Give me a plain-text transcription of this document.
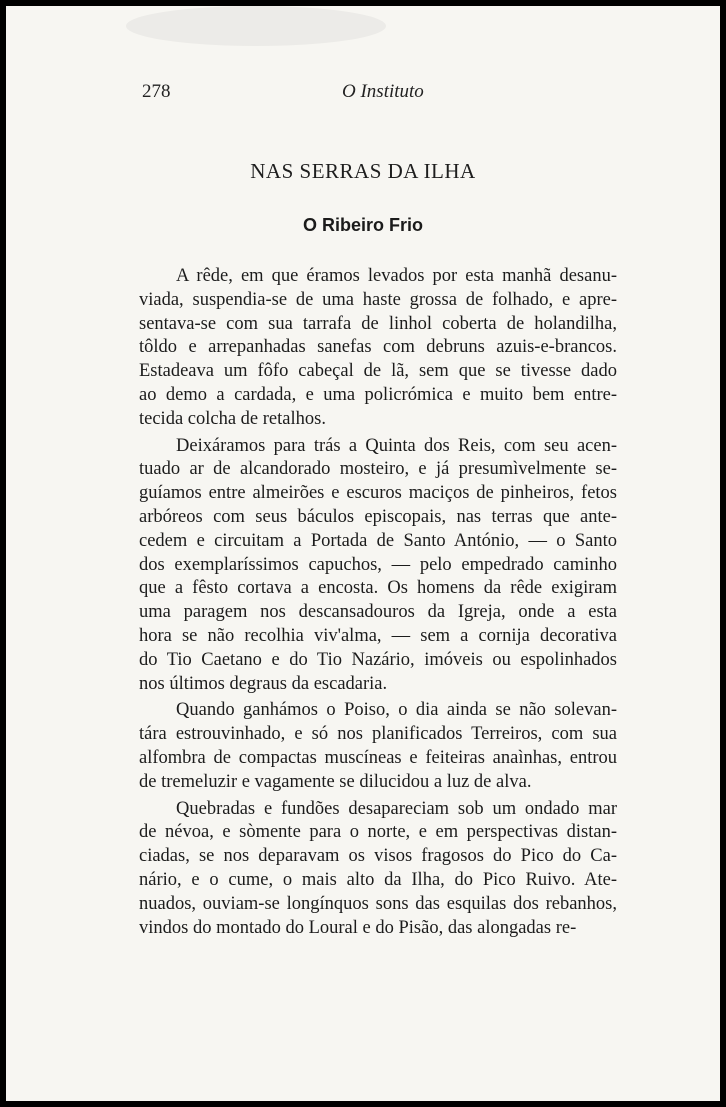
278	O Instituto
NAS SERRAS DA ILHA
O Ribeiro Frio

A rêde, em que éramos levados por esta manhã desanu-
viada, suspendia-se de uma haste grossa de folhado, e apre-
sentava-se com sua tarrafa de linhol coberta de holandilha,
tôldo e arrepanhadas sanefas com debruns azuis-e-brancos.
Estadeava um fôfo cabeçal de lã, sem que se tivesse dado
ao demo a cardada, e uma policrómica e muito bem entre-
tecida colcha de retalhos.

Deixáramos para trás a Quinta dos Reis, com seu acen-
tuado ar de alcandorado mosteiro, e já presumìvelmente se-
guíamos entre almeirões e escuros maciços de pinheiros, fetos
arbóreos com seus báculos episcopais, nas terras que ante-
cedem e circuitam a Portada de Santo António, — o Santo
dos exemplaríssimos capuchos, — pelo empedrado caminho
que a fêsto cortava a encosta. Os homens da rêde exigiram
uma paragem nos descansadouros da Igreja, onde a esta
hora se não recolhia viv'alma, — sem a cornija decorativa
do Tio Caetano e do Tio Nazário, imóveis ou espolinhados
nos últimos degraus da escadaria.

Quando ganhámos o Poiso, o dia ainda se não solevan-
tára estrouvinhado, e só nos planificados Terreiros, com sua
alfombra de compactas muscíneas e feiteiras anaìnhas, entrou
de tremeluzir e vagamente se dilucidou a luz de alva.

Quebradas e fundões desapareciam sob um ondado mar
de névoa, e sòmente para o norte, e em perspectivas distan-
ciadas, se nos deparavam os visos fragosos do Pico do Ca-
nário, e o cume, o mais alto da Ilha, do Pico Ruivo. Ate-
nuados, ouviam-se longínquos sons das esquilas dos rebanhos,
vindos do montado do Loural e do Pisão, das alongadas re-
